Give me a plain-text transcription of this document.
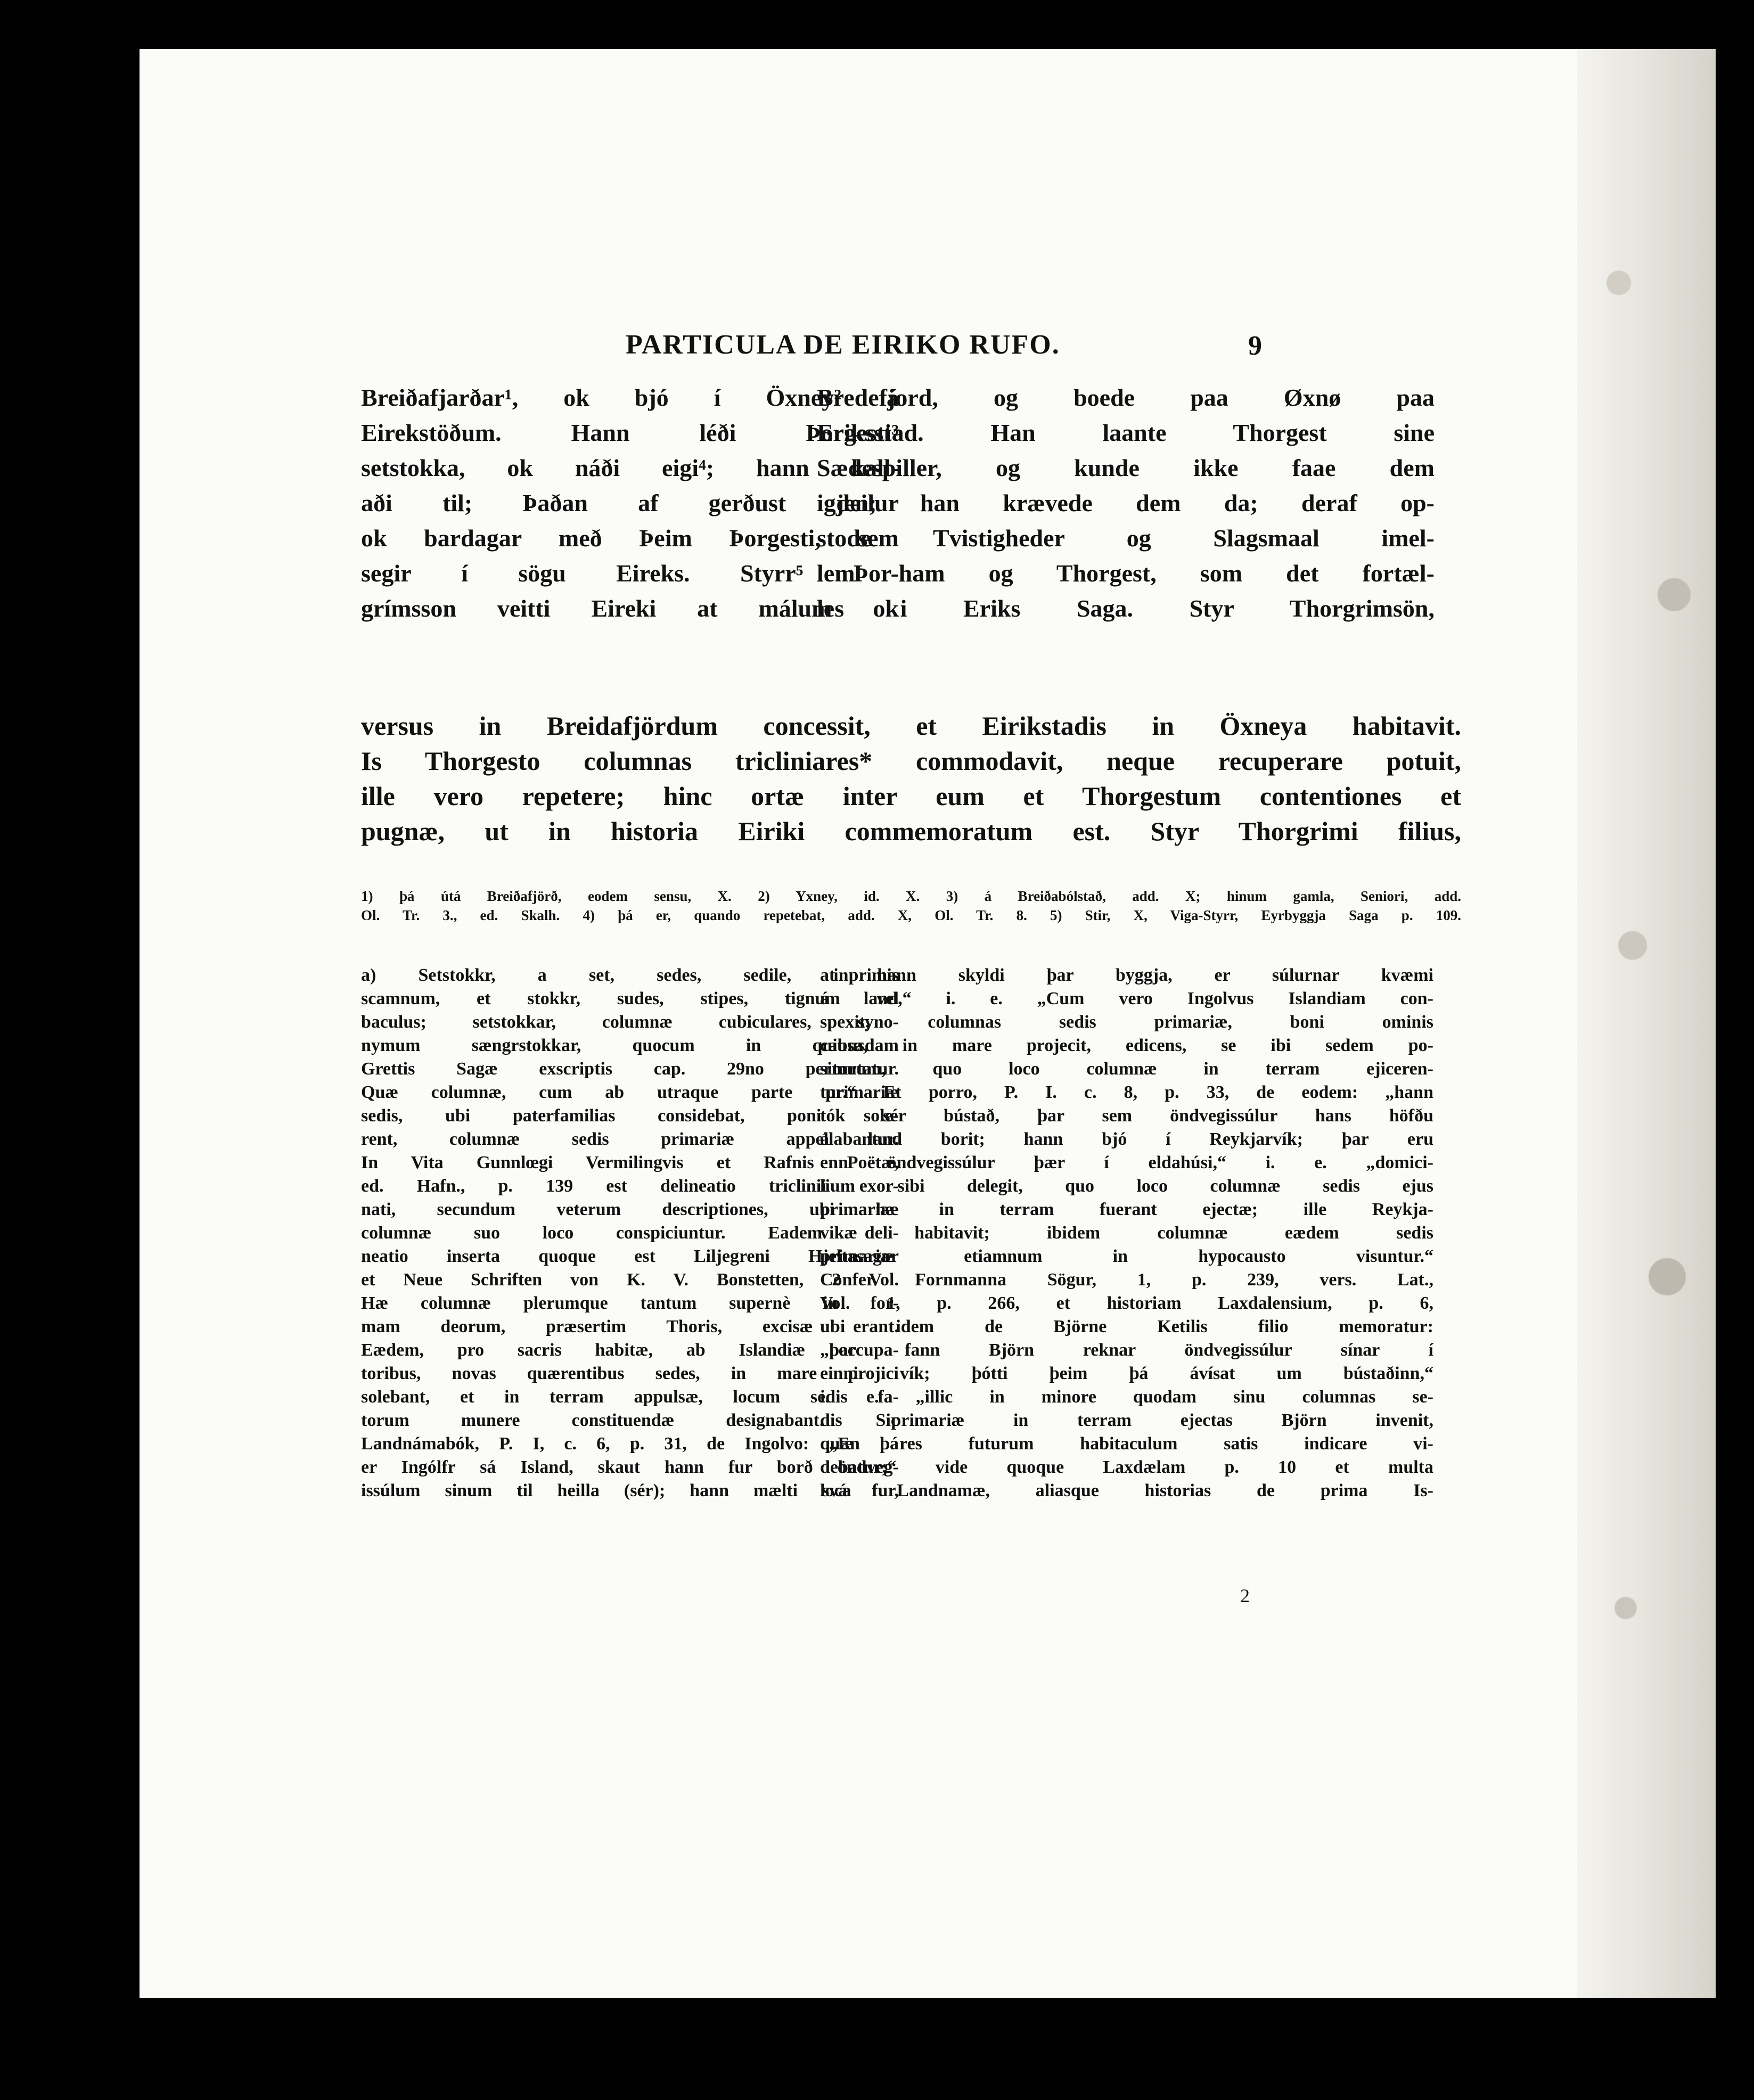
PARTICULA DE EIRIKO RUFO.	9
Breiðafjarðar¹, ok bjó í Öxney² á
Eirekstöðum. Hann léði Þorgesti³
setstokka, ok náði eigi⁴; hann kall-
aði til; Þaðan af gerðust deilur
ok bardagar með Þeim Þorgesti, sem
segir í sögu Eireks. Styrr⁵ Þor-
grímsson veitti Eireki at málum ok
Bredefjord, og boede paa Øxnø paa
Eriksstad. Han laante Thorgest sine
Sædespiller, og kunde ikke faae dem
igjen; han krævede dem da; deraf op-
stode Tvistigheder og Slagsmaal imel-
lem ham og Thorgest, som det fortæl-
les i Eriks Saga. Styr Thorgrimsön,
versus in Breidafjördum concessit, et Eirikstadis in Öxneya habitavit.
Is Thorgesto columnas tricliniares* commodavit, neque recuperare potuit,
ille vero repetere; hinc ortæ inter eum et Thorgestum contentiones et
pugnæ, ut in historia Eiriki commemoratum est. Styr Thorgrimi filius,
1) þá útá Breiðafjörð, eodem sensu, X. 2) Yxney, id. X. 3) á Breiðabólstað, add. X; hinum gamla, Seniori, add.
Ol. Tr. 3., ed. Skalh. 4) þá er, quando repetebat, add. X, Ol. Tr. 8. 5) Stir, X, Viga-Styrr, Eyrbyggja Saga p. 109.
a) Setstokkr, a set, sedes, sedile, inprimis
scamnum, et stokkr, sudes, stipes, tignum vel
baculus; setstokkar, columnæ cubiculares, syno-
nymum sængrstokkar, quocum in quibusdam
Grettis Sagæ exscriptis cap. 29no permutatur.
Quæ columnæ, cum ab utraque parte primariæ
sedis, ubi paterfamilias considebat, poni sole-
rent, columnæ sedis primariæ appellabantur.
In Vita Gunnlœgi Vermilingvis et Rafnis Poëtæ,
ed. Hafn., p. 139 est delineatio triclinii exor-
nati, secundum veterum descriptiones, ubi hæ
columnæ suo loco conspiciuntur. Eadem deli-
neatio inserta quoque est Liljegreni Hjeltasagor
et Neue Schriften von K. V. Bonstetten, 2 Vol.
Hæ columnæ plerumque tantum supernè in for-
mam deorum, præsertim Thoris, excisæ erant.
Eædem, pro sacris habitæ, ab Islandiæ occupa-
toribus, novas quærentibus sedes, in mare projici
solebant, et in terram appulsæ, locum sedis fa-
torum munere constituendæ designabant. Sic
Landnámabók, P. I, c. 6, p. 31, de Ingolvo: „En þá
er Ingólfr sá Island, skaut hann fur borð öndveg-
issúlum sinum til heilla (sér); hann mælti svá fur,
at hann skyldi þar byggja, er súlurnar kvæmi
á land,“ i. e. „Cum vero Ingolvus Islandiam con-
spexit, columnas sedis primariæ, boni ominis
causa, in mare projecit, edicens, se ibi sedem po-
siturum, quo loco columnæ in terram ejiceren-
tur.“ Et porro, P. I. c. 8, p. 33, de eodem: „hann
tók sér bústað, þar sem öndvegissúlur hans höfðu
á land borit; hann bjó í Reykjarvík; þar eru
enn öndvegissúlur þær í eldahúsi,“ i. e. „domici-
lium sibi delegit, quo loco columnæ sedis ejus
primariæ in terram fuerant ejectæ; ille Reykja-
vikæ habitavit; ibidem columnæ eædem sedis
primariæ etiamnum in hypocausto visuntur.“
Confer Fornmanna Sögur, 1, p. 239, vers. Lat.,
Vol. 1, p. 266, et historiam Laxdalensium, p. 6,
ubi idem de Björne Ketilis filio memoratur:
„þar fann Björn reknar öndvegissúlur sínar í
einni vík; þótti þeim þá ávísat um bústaðinn,“
i. e. „illic in minore quodam sinu columnas se-
dis primariæ in terram ejectas Björn invenit,
quæ res futurum habitaculum satis indicare vi-
debatur;“ vide quoque Laxdælam p. 10 et multa
loca Landnamæ, aliasque historias de prima Is-
2
